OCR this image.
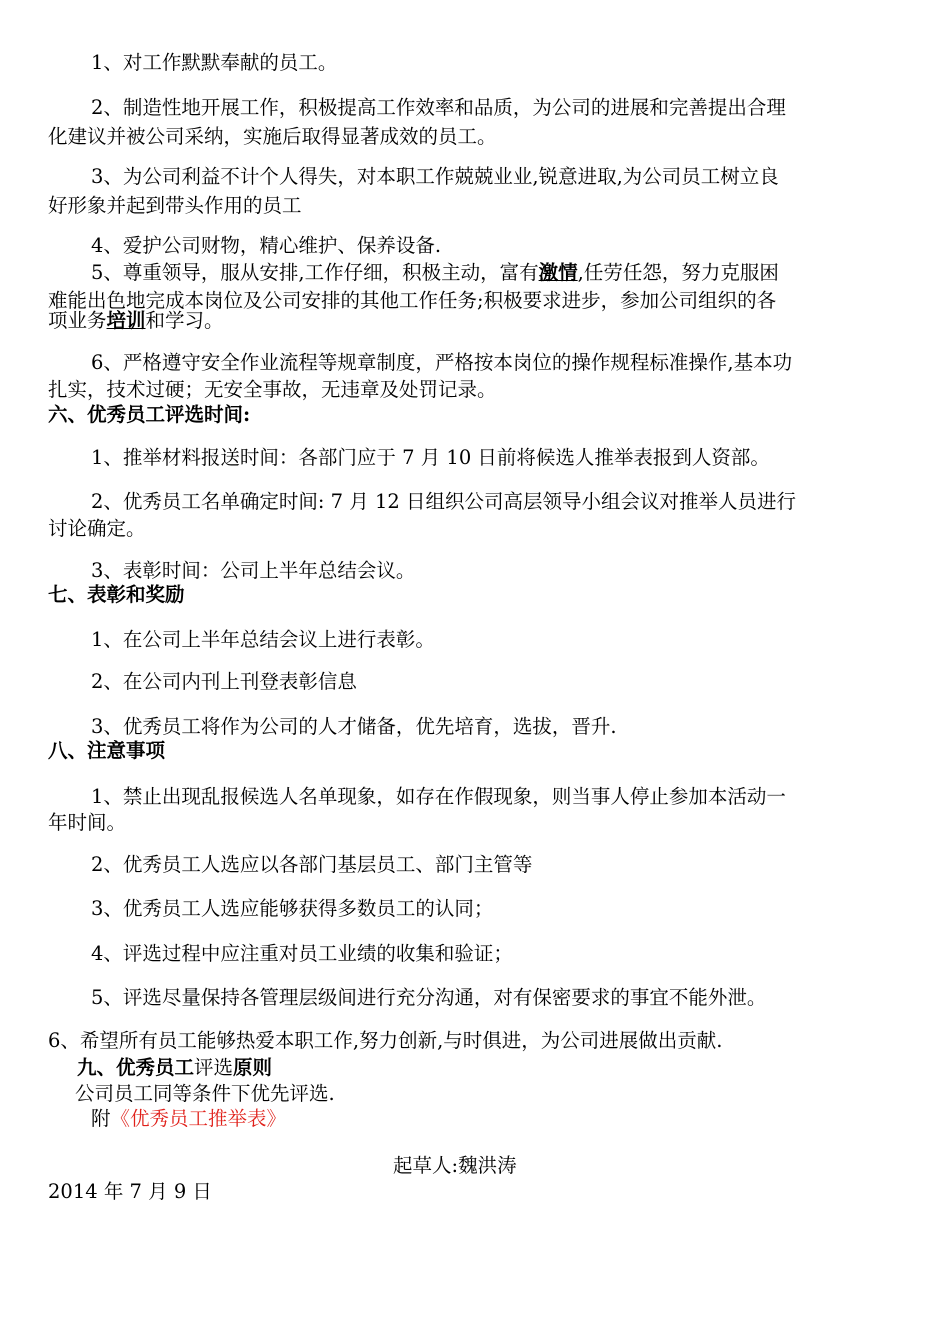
1、对工作默默奉献的员工。
2、制造性地开展工作，积极提高工作效率和品质，为公司的进展和完善提出合理
化建议并被公司采纳，实施后取得显著成效的员工。
3、为公司利益不计个人得失，对本职工作兢兢业业,锐意进取,为公司员工树立良
好形象并起到带头作用的员工
4、爱护公司财物，精心维护、保养设备.
5、尊重领导，服从安排,工作仔细，积极主动，富有激情,任劳任怨，努力克服困
难能出色地完成本岗位及公司安排的其他工作任务;积极要求进步，参加公司组织的各
项业务培训和学习。
6、严格遵守安全作业流程等规章制度，严格按本岗位的操作规程标准操作,基本功
扎实，技术过硬；无安全事故，无违章及处罚记录。
六、优秀员工评选时间:
1、推举材料报送时间：各部门应于 7 月 10 日前将候选人推举表报到人资部。
2、优秀员工名单确定时间: 7 月 12 日组织公司高层领导小组会议对推举人员进行
讨论确定。
3、表彰时间：公司上半年总结会议。
七、表彰和奖励
1、在公司上半年总结会议上进行表彰。
2、在公司内刊上刊登表彰信息
3、优秀员工将作为公司的人才储备，优先培育，选拔，晋升.
八、注意事项
1、禁止出现乱报候选人名单现象，如存在作假现象，则当事人停止参加本活动一
年时间。
2、优秀员工人选应以各部门基层员工、部门主管等
3、优秀员工人选应能够获得多数员工的认同；
4、评选过程中应注重对员工业绩的收集和验证；
5、评选尽量保持各管理层级间进行充分沟通，对有保密要求的事宜不能外泄。
6、希望所有员工能够热爱本职工作,努力创新,与时俱进，为公司进展做出贡献.
九、优秀员工评选原则
公司员工同等条件下优先评选.
附《优秀员工推举表》
起草人:魏洪涛
2014 年 7 月 9 日
